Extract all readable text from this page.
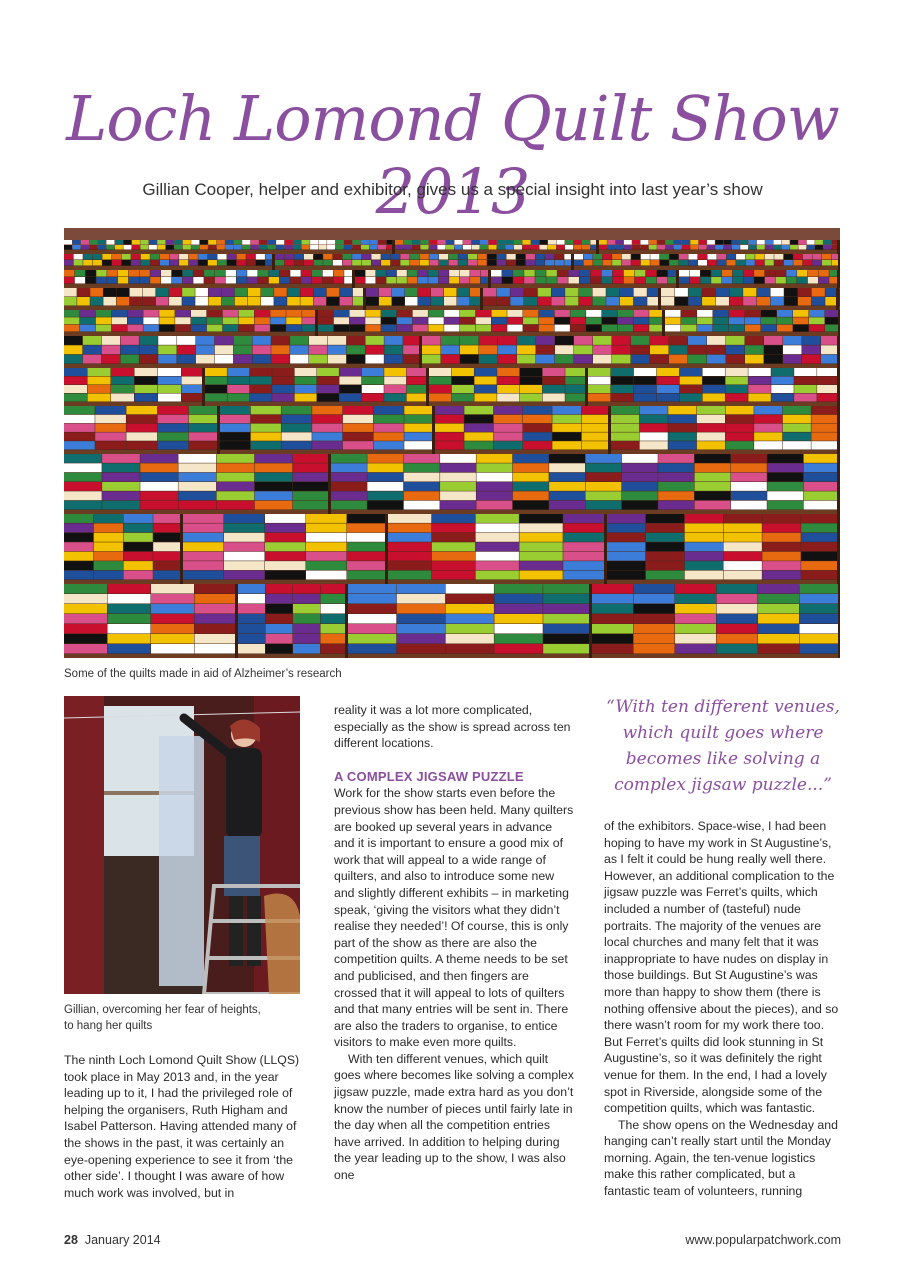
Loch Lomond Quilt Show 2013

Gillian Cooper, helper and exhibitor, gives us a special insight into last year’s show

Some of the quilts made in aid of Alzheimer’s research
Gillian, overcoming her fear of heights,
to hang her quilts

The ninth Loch Lomond Quilt Show (LLQS) took place in May 2013 and, in the year leading up to it, I had the privileged role of helping the organisers, Ruth Higham and Isabel Patterson. Having attended many of the shows in the past, it was certainly an eye-opening experience to see it from ‘the other side’. I thought I was aware of how much work was involved, but in

reality it was a lot more complicated, especially as the show is spread across ten different locations.

A COMPLEX JIGSAW PUZZLE

Work for the show starts even before the previous show has been held. Many quilters are booked up several years in advance and it is important to ensure a good mix of work that will appeal to a wide range of quilters, and also to introduce some new and slightly different exhibits – in marketing speak, ‘giving the visitors what they didn’t realise they needed’! Of course, this is only part of the show as there are also the competition quilts. A theme needs to be set and publicised, and then fingers are crossed that it will appeal to lots of quilters and that many entries will be sent in. There are also the traders to organise, to entice visitors to make even more quilts.

With ten different venues, which quilt goes where becomes like solving a complex jigsaw puzzle, made extra hard as you don’t know the number of pieces until fairly late in the day when all the competition entries have arrived. In addition to helping during the year leading up to the show, I was also one

“With ten different venues, which quilt goes where becomes like solving a complex jigsaw puzzle...”

of the exhibitors. Space-wise, I had been hoping to have my work in St Augustine’s, as I felt it could be hung really well there. However, an additional complication to the jigsaw puzzle was Ferret’s quilts, which included a number of (tasteful) nude portraits. The majority of the venues are local churches and many felt that it was inappropriate to have nudes on display in those buildings. But St Augustine’s was more than happy to show them (there is nothing offensive about the pieces), and so there wasn’t room for my work there too. But Ferret’s quilts did look stunning in St Augustine’s, so it was definitely the right venue for them. In the end, I had a lovely spot in Riverside, alongside some of the competition quilts, which was fantastic.

The show opens on the Wednesday and hanging can’t really start until the Monday morning. Again, the ten-venue logistics make this rather complicated, but a fantastic team of volunteers, running

28 January 2014	www.popularpatchwork.com
